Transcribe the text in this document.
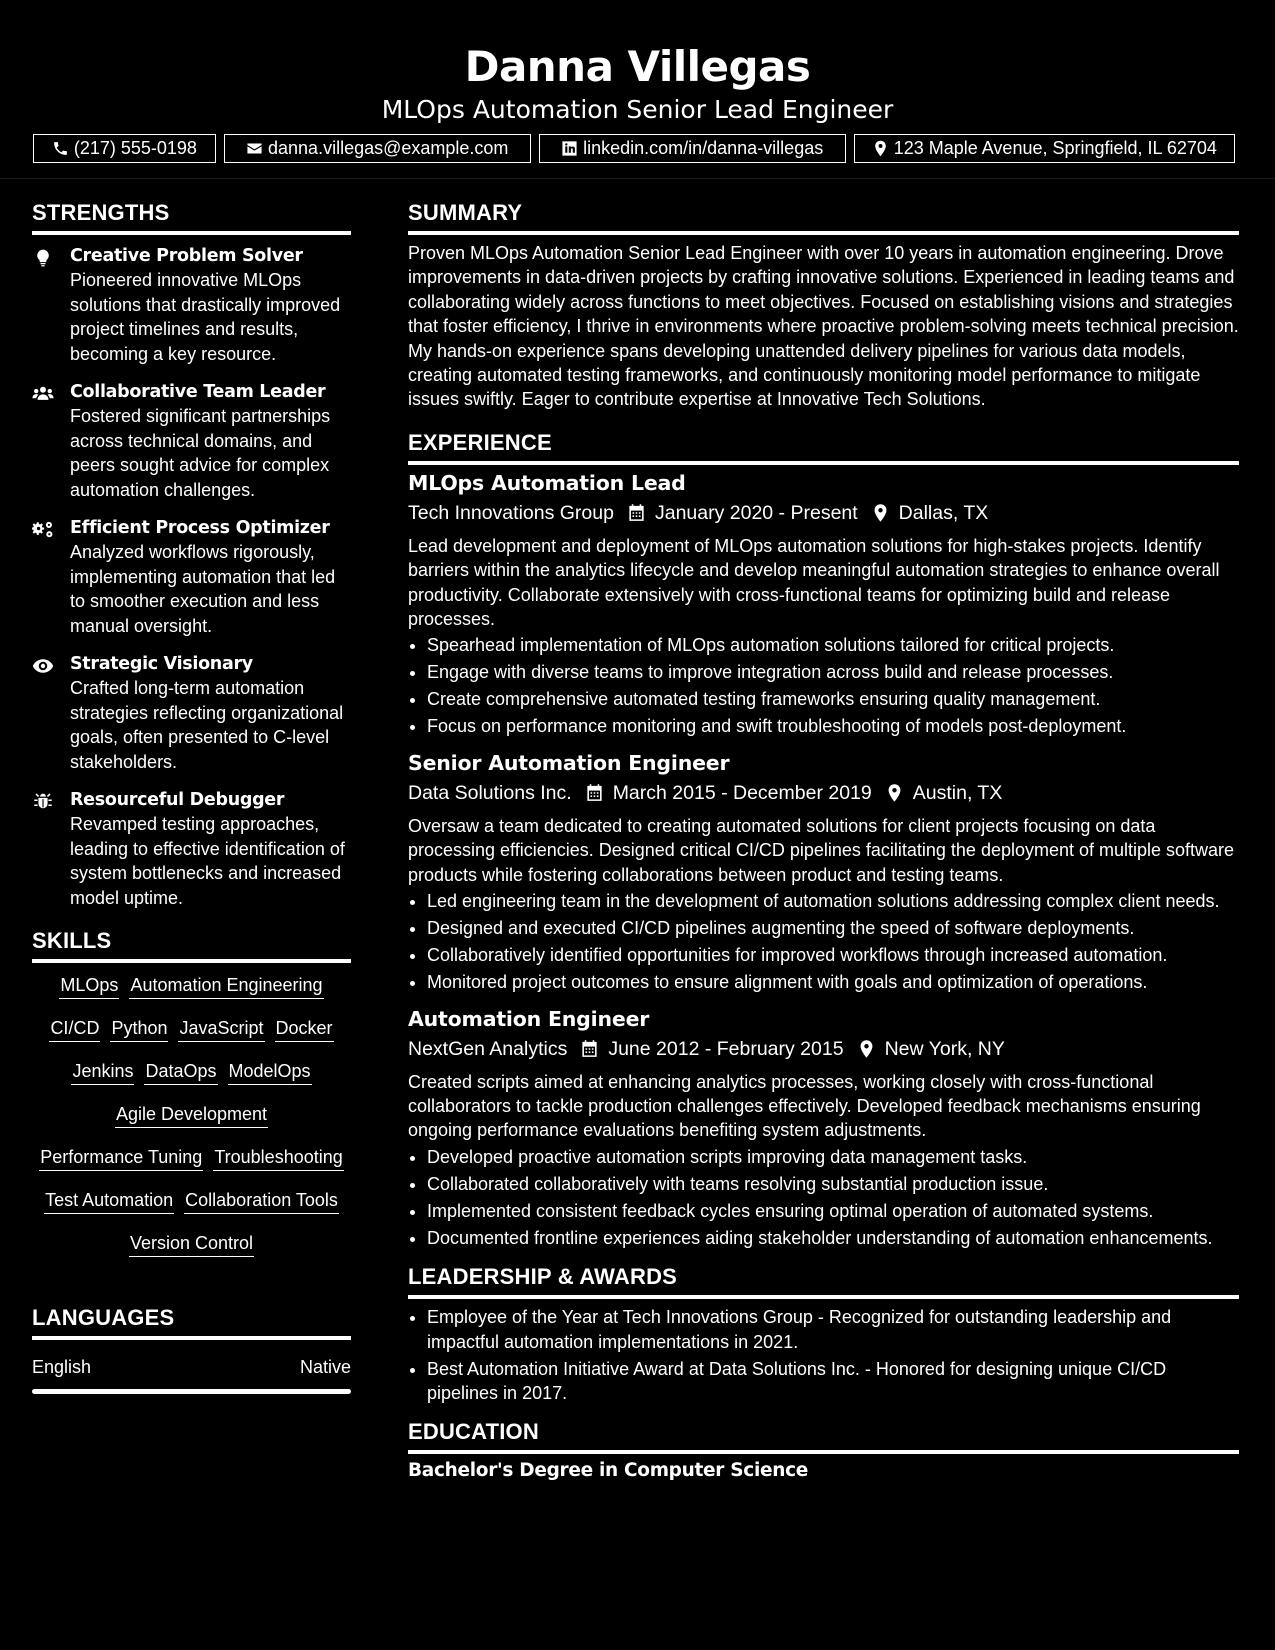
Danna Villegas
MLOps Automation Senior Lead Engineer
(217) 555-0198	danna.villegas@example.com	linkedin.com/in/danna-villegas	123 Maple Avenue, Springfield, IL 62704
STRENGTHS
Creative Problem Solver
Pioneered innovative MLOps solutions that drastically improved project timelines and results, becoming a key resource.
Collaborative Team Leader
Fostered significant partnerships across technical domains, and peers sought advice for complex automation challenges.
Efficient Process Optimizer
Analyzed workflows rigorously, implementing automation that led to smoother execution and less manual oversight.
Strategic Visionary
Crafted long-term automation strategies reflecting organizational goals, often presented to C-level stakeholders.
Resourceful Debugger
Revamped testing approaches, leading to effective identification of system bottlenecks and increased model uptime.
SKILLS
MLOps Automation Engineering
CI/CD Python JavaScript Docker
Jenkins DataOps ModelOps
Agile Development
Performance Tuning Troubleshooting
Test Automation Collaboration Tools
Version Control
LANGUAGES
English	Native
SUMMARY
Proven MLOps Automation Senior Lead Engineer with over 10 years in automation engineering. Drove improvements in data-driven projects by crafting innovative solutions. Experienced in leading teams and collaborating widely across functions to meet objectives. Focused on establishing visions and strategies that foster efficiency, I thrive in environments where proactive problem-solving meets technical precision. My hands-on experience spans developing unattended delivery pipelines for various data models, creating automated testing frameworks, and continuously monitoring model performance to mitigate issues swiftly. Eager to contribute expertise at Innovative Tech Solutions.
EXPERIENCE
MLOps Automation Lead
Tech Innovations Group January 2020 - Present Dallas, TX
Lead development and deployment of MLOps automation solutions for high-stakes projects. Identify barriers within the analytics lifecycle and develop meaningful automation strategies to enhance overall productivity. Collaborate extensively with cross-functional teams for optimizing build and release processes.
• Spearhead implementation of MLOps automation solutions tailored for critical projects.
• Engage with diverse teams to improve integration across build and release processes.
• Create comprehensive automated testing frameworks ensuring quality management.
• Focus on performance monitoring and swift troubleshooting of models post-deployment.
Senior Automation Engineer
Data Solutions Inc. March 2015 - December 2019 Austin, TX
Oversaw a team dedicated to creating automated solutions for client projects focusing on data processing efficiencies. Designed critical CI/CD pipelines facilitating the deployment of multiple software products while fostering collaborations between product and testing teams.
• Led engineering team in the development of automation solutions addressing complex client needs.
• Designed and executed CI/CD pipelines augmenting the speed of software deployments.
• Collaboratively identified opportunities for improved workflows through increased automation.
• Monitored project outcomes to ensure alignment with goals and optimization of operations.
Automation Engineer
NextGen Analytics June 2012 - February 2015 New York, NY
Created scripts aimed at enhancing analytics processes, working closely with cross-functional collaborators to tackle production challenges effectively. Developed feedback mechanisms ensuring ongoing performance evaluations benefiting system adjustments.
• Developed proactive automation scripts improving data management tasks.
• Collaborated collaboratively with teams resolving substantial production issue.
• Implemented consistent feedback cycles ensuring optimal operation of automated systems.
• Documented frontline experiences aiding stakeholder understanding of automation enhancements.
LEADERSHIP & AWARDS
• Employee of the Year at Tech Innovations Group - Recognized for outstanding leadership and impactful automation implementations in 2021.
• Best Automation Initiative Award at Data Solutions Inc. - Honored for designing unique CI/CD pipelines in 2017.
EDUCATION
Bachelor's Degree in Computer Science
